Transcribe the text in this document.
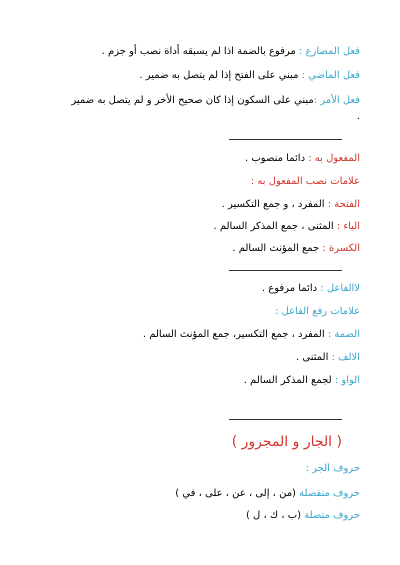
فعل المضارع : مرفوع بالضمة اذا لم يسبقه أداة نصب أو جزم .
فعل الماضي : مبني على الفتح إذا لم يتصل به ضمير .
فعل الأمر :مبني على السكون إذا كان صحيح الأخر و لم يتصل به ضمير
.
المفعول به : دائما منصوب .
علامات نصب المفعول به :
الفتحة : المفرد ، و جمع التكسير .
الياء : المثنى ، جمع المذكر السالم .
الكسرة : جمع المؤنث السالم .
لاالفاعل : دائما مرفوع .
علامات رفع الفاعل :
الضمة : المفرد ، جمع التكسير، جمع المؤنث السالم .
الالف : المثنى .
الواو : لجمع المذكر السالم .
( الجار و المجرور )
حروف الجر :
حروف منفصلة (من ، إلى ، عن ، على ، في )
حروف متصلة (ب ، ك ، ل )
